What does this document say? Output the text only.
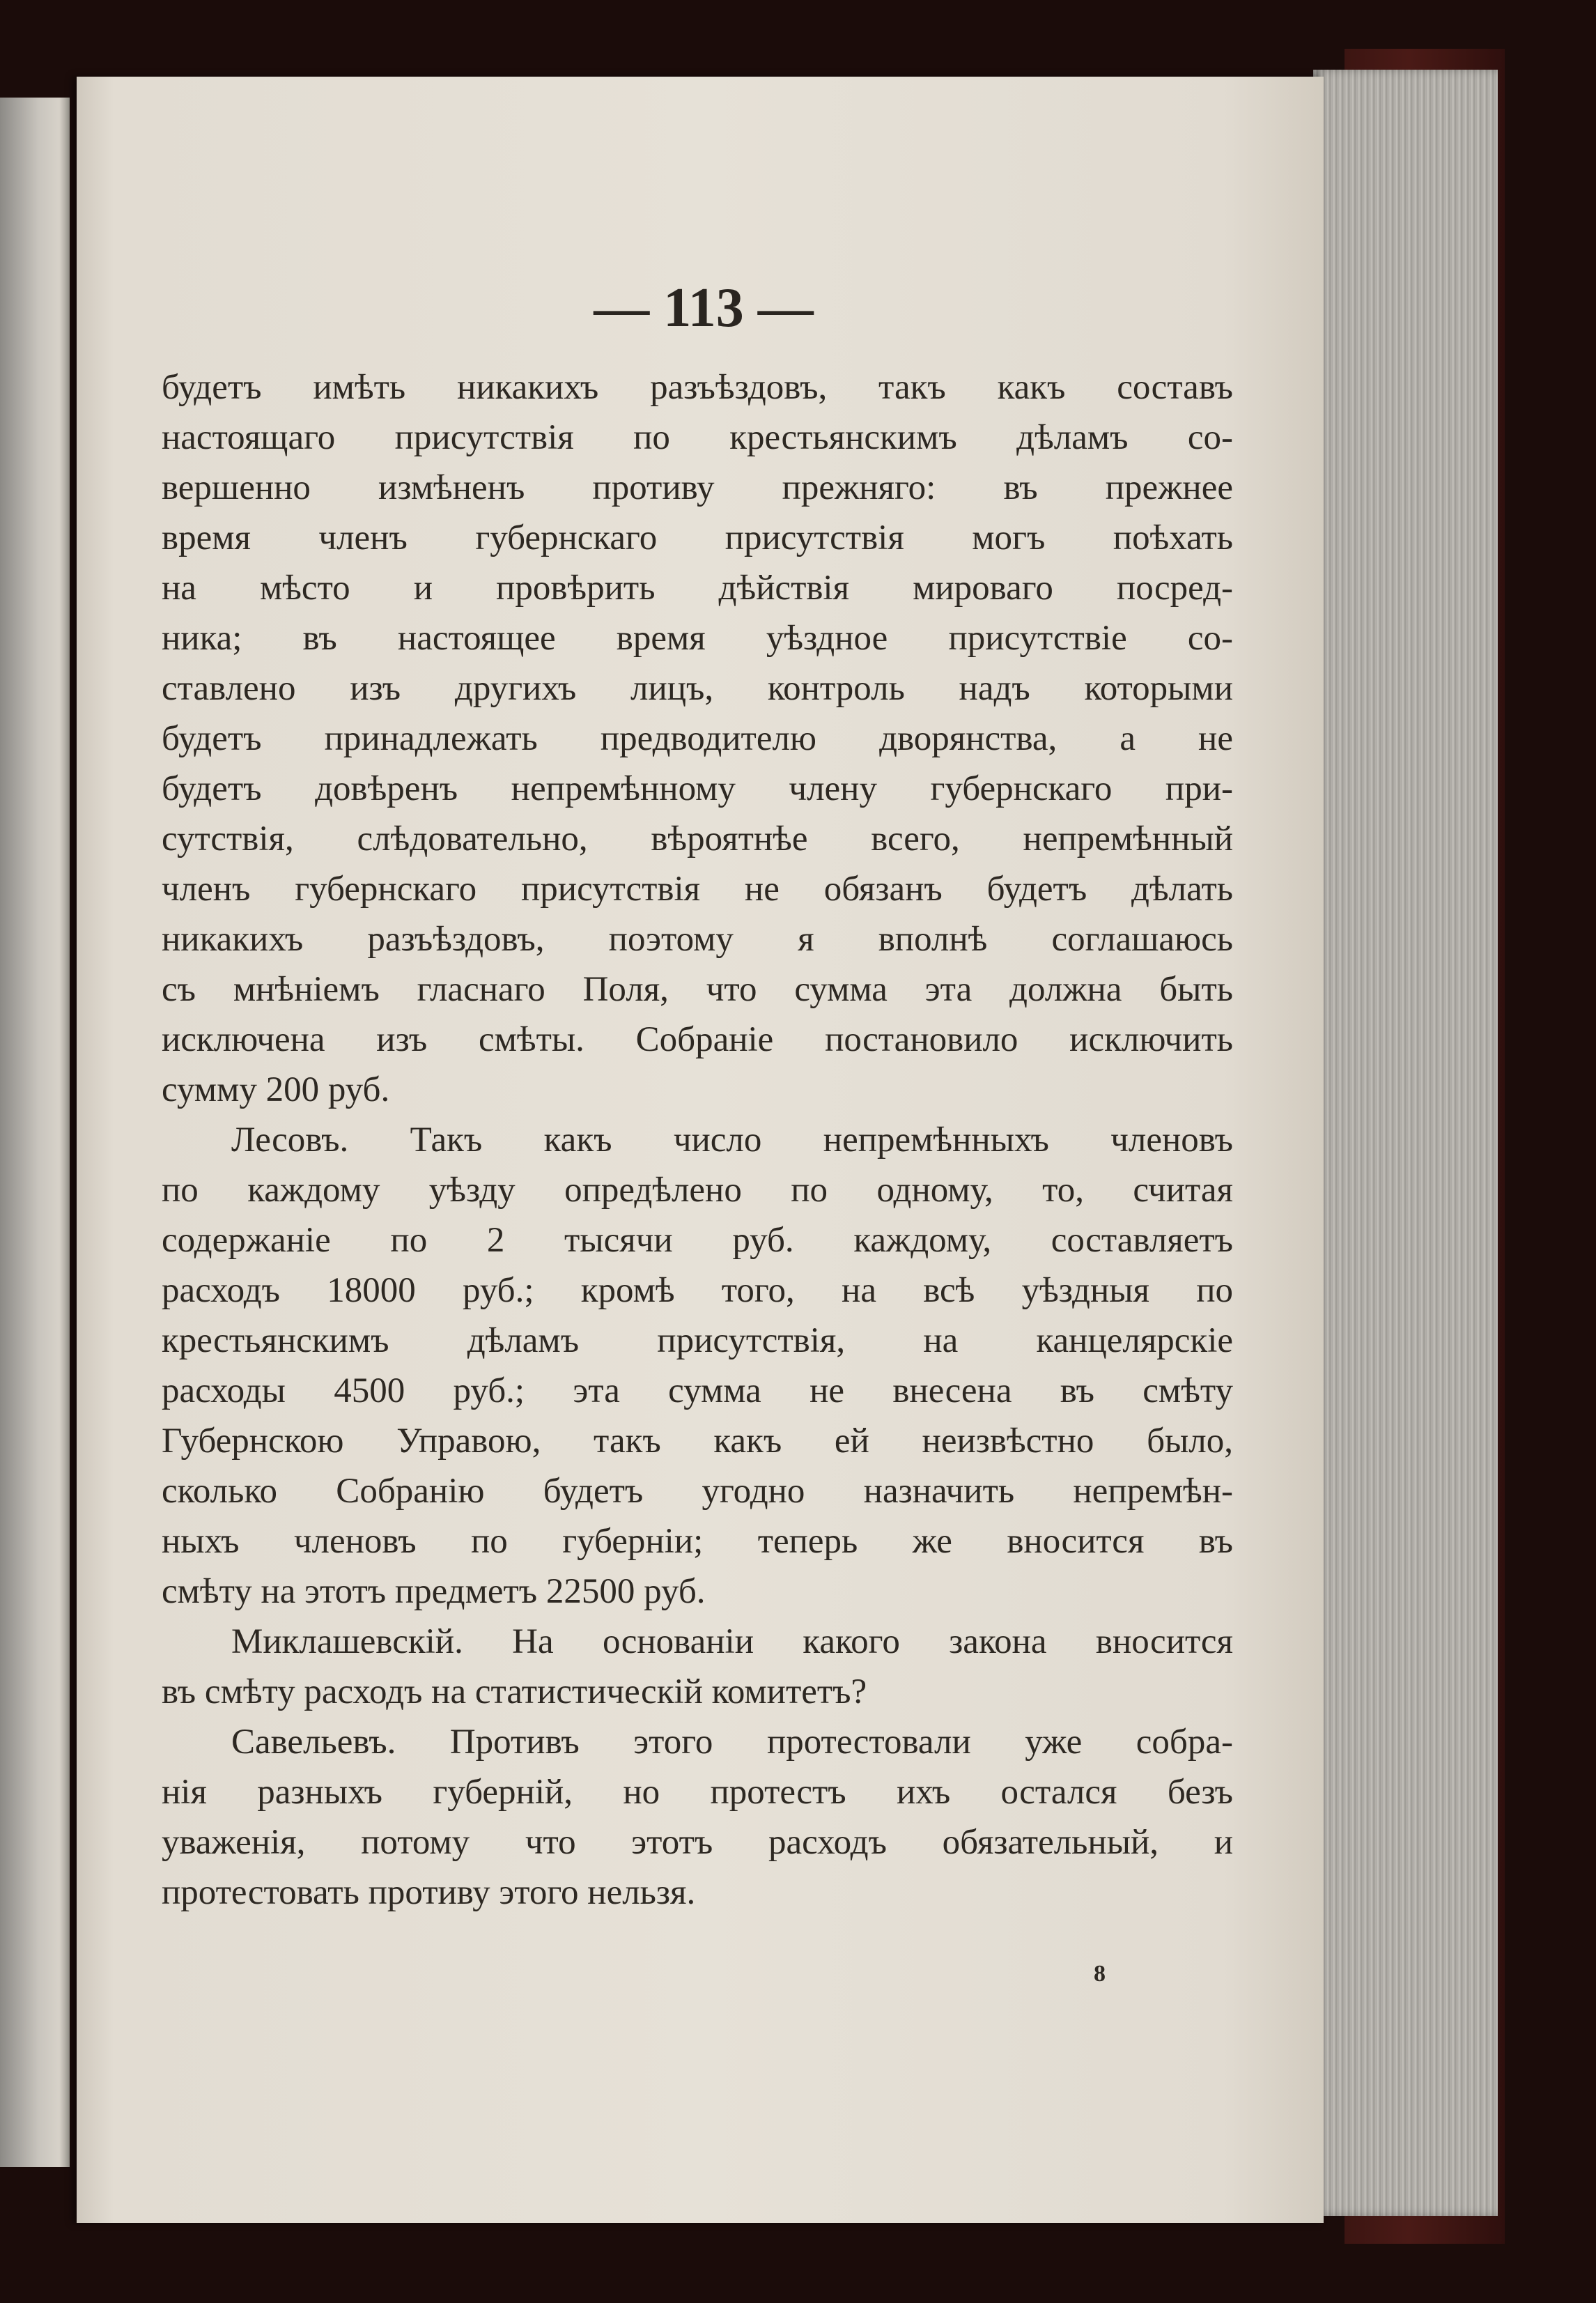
— 113 —
будетъ имѣть никакихъ разъѣздовъ, такъ какъ составъ
настоящаго присутствія по крестьянскимъ дѣламъ со-
вершенно измѣненъ противу прежняго: въ прежнее
время членъ губернскаго присутствія могъ поѣхать
на мѣсто и провѣрить дѣйствія мироваго посред-
ника; въ настоящее время уѣздное присутствіе со-
ставлено изъ другихъ лицъ, контроль надъ которыми
будетъ принадлежать предводителю дворянства, а не
будетъ довѣренъ непремѣнному члену губернскаго при-
сутствія, слѣдовательно, вѣроятнѣе всего, непремѣнный
членъ губернскаго присутствія не обязанъ будетъ дѣлать
никакихъ разъѣздовъ, поэтому я вполнѣ соглашаюсь
съ мнѣніемъ гласнаго Поля, что сумма эта должна быть
исключена изъ смѣты. Собраніе постановило исключить
сумму 200 руб.
Лесовъ. Такъ какъ число непремѣнныхъ членовъ
по каждому уѣзду опредѣлено по одному, то, считая
содержаніе по 2 тысячи руб. каждому, составляетъ
расходъ 18000 руб.; кромѣ того, на всѣ уѣздныя по
крестьянскимъ дѣламъ присутствія, на канцелярскіе
расходы 4500 руб.; эта сумма не внесена въ смѣту
Губернскою Управою, такъ какъ ей неизвѣстно было,
сколько Собранію будетъ угодно назначить непремѣн-
ныхъ членовъ по губерніи; теперь же вносится въ
смѣту на этотъ предметъ 22500 руб.
Миклашевскій. На основаніи какого закона вносится
въ смѣту расходъ на статистическій комитетъ?
Савельевъ. Противъ этого протестовали уже собра-
нія разныхъ губерній, но протестъ ихъ остался безъ
уваженія, потому что этотъ расходъ обязательный, и
протестовать противу этого нельзя.
8
